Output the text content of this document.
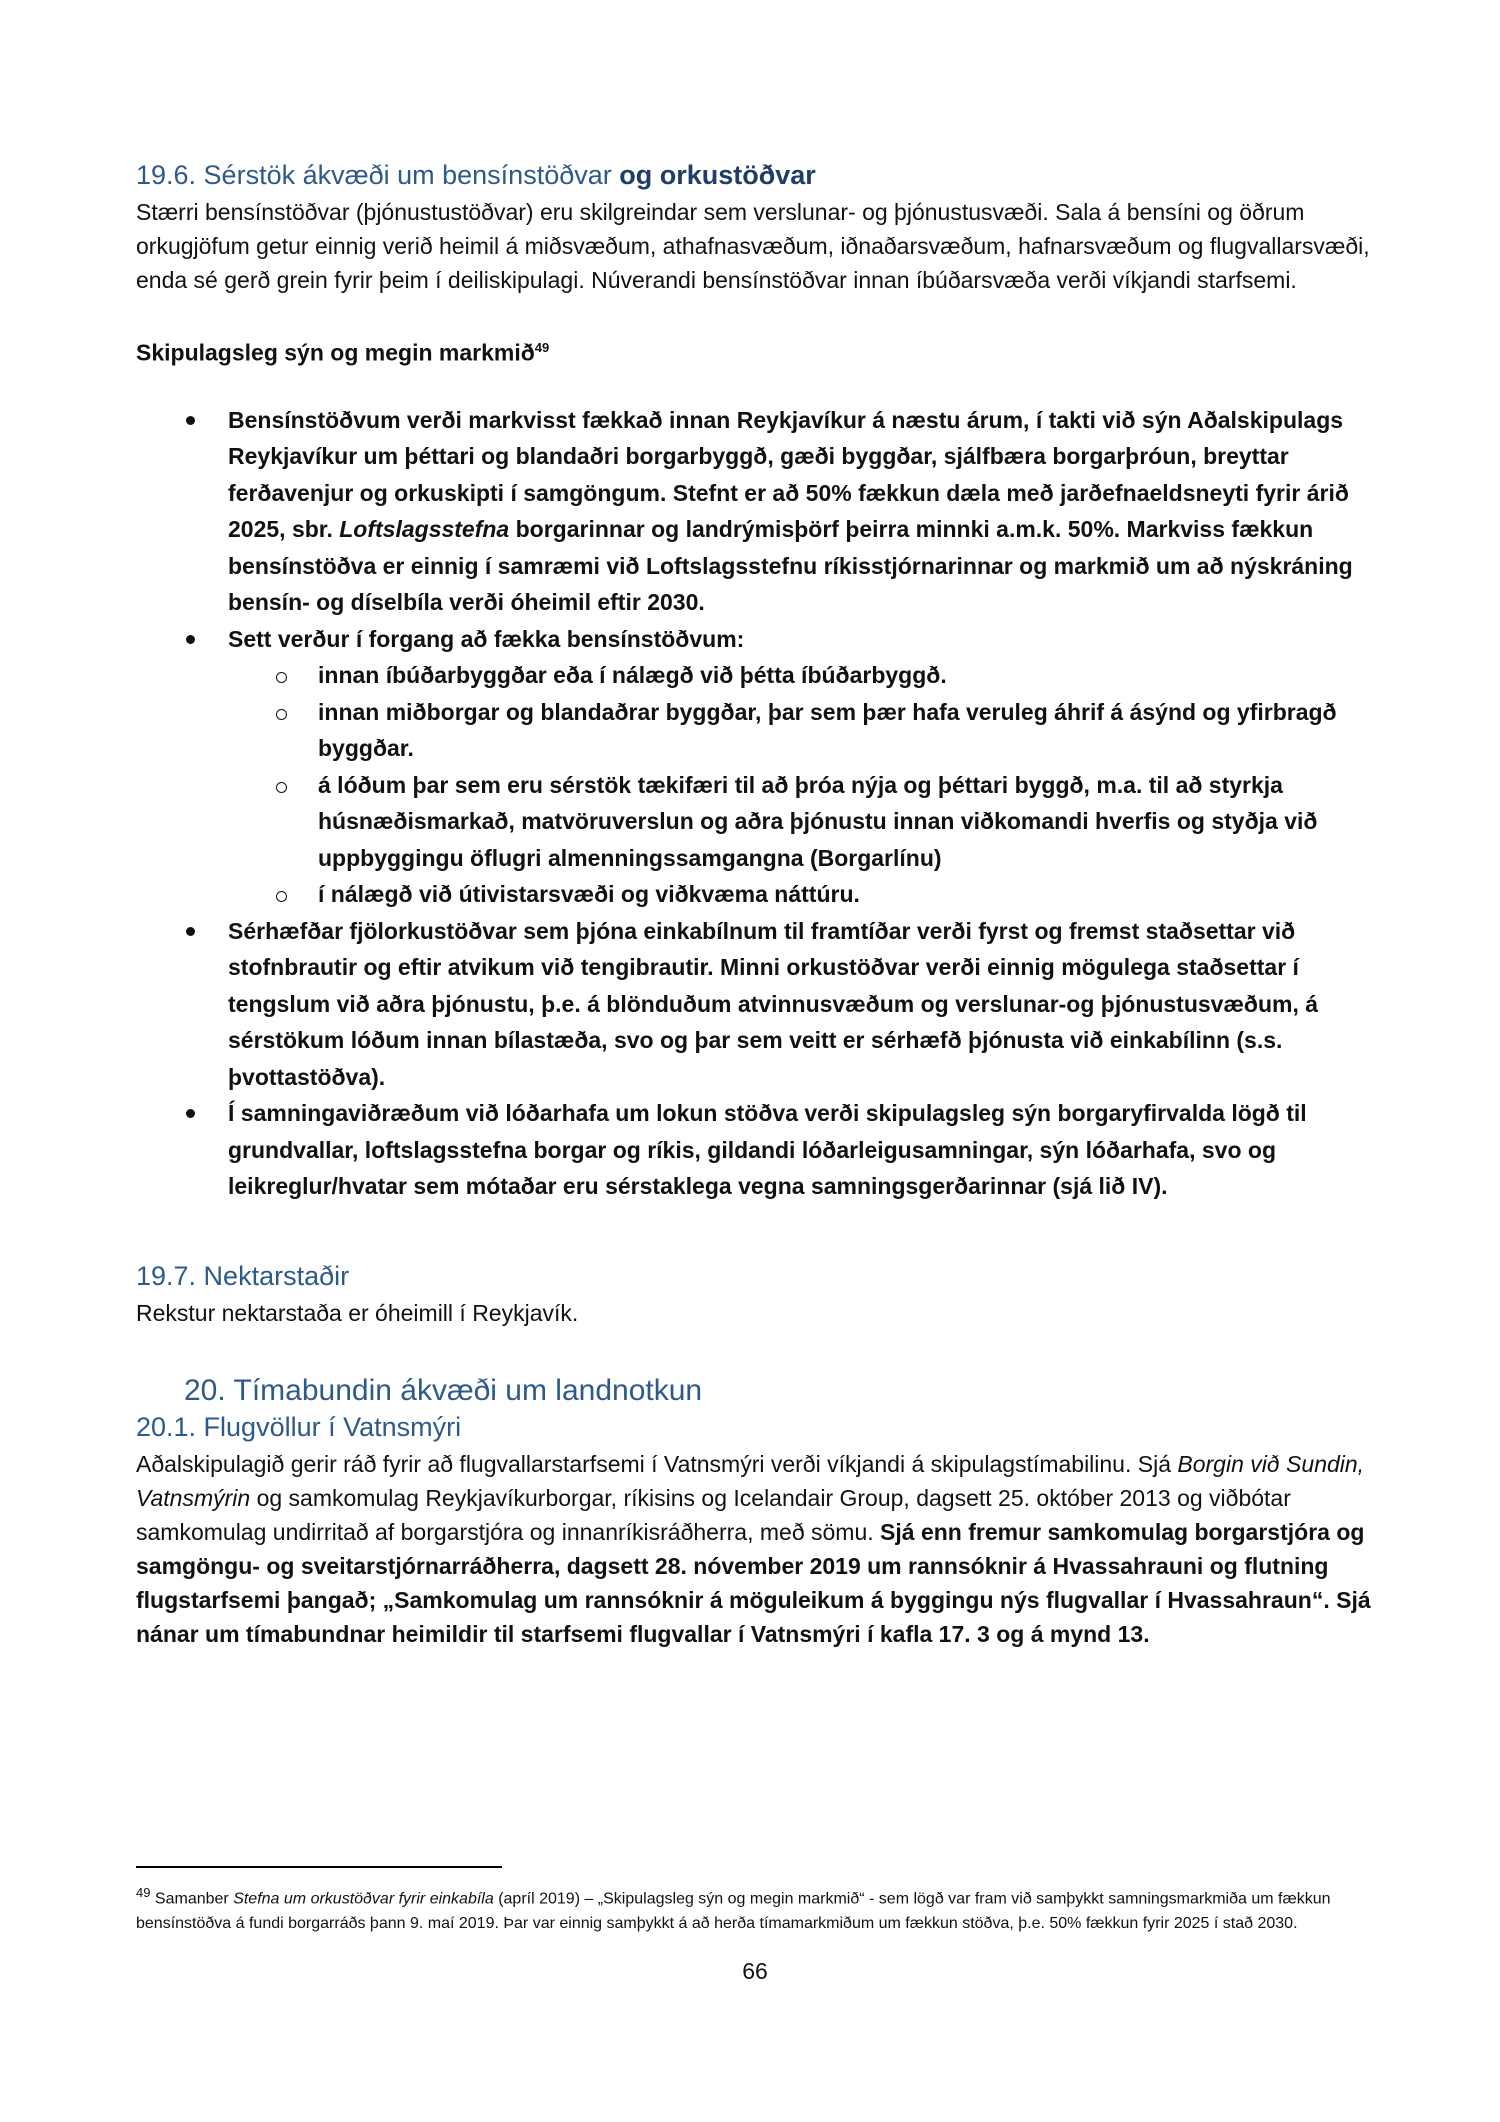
19.6. Sérstök ákvæði um bensínstöðvar og orkustöðvar

Stærri bensínstöðvar (þjónustustöðvar) eru skilgreindar sem verslunar- og þjónustusvæði. Sala á bensíni og öðrum orkugjöfum getur einnig verið heimil á miðsvæðum, athafnasvæðum, iðnaðarsvæðum, hafnarsvæðum og flugvallarsvæði, enda sé gerð grein fyrir þeim í deiliskipulagi. Núverandi bensínstöðvar innan íbúðarsvæða verði víkjandi starfsemi.

Skipulagsleg sýn og megin markmið$^{49}$

Bensínstöðvum verði markvisst fækkað innan Reykjavíkur á næstu árum, í takti við sýn Aðalskipulags Reykjavíkur um þéttari og blandaðri borgarbyggð, gæði byggðar, sjálfbæra borgarþróun, breyttar ferðavenjur og orkuskipti í samgöngum. Stefnt er að 50% fækkun dæla með jarðefnaeldsneyti fyrir árið 2025, sbr. Loftslagsstefna borgarinnar og landrýmisþörf þeirra minnki a.m.k. 50%. Markviss fækkun bensínstöðva er einnig í samræmi við Loftslagsstefnu ríkisstjórnarinnar og markmið um að nýskráning bensín- og díselbíla verði óheimil eftir 2030.
Sett verður í forgang að fækka bensínstöðvum:
innan íbúðarbyggðar eða í nálægð við þétta íbúðarbyggð.
innan miðborgar og blandaðrar byggðar, þar sem þær hafa veruleg áhrif á ásýnd og yfirbragð byggðar.
á lóðum þar sem eru sérstök tækifæri til að þróa nýja og þéttari byggð, m.a. til að styrkja húsnæðismarkað, matvöruverslun og aðra þjónustu innan viðkomandi hverfis og styðja við uppbyggingu öflugri almenningssamgangna (Borgarlínu)
í nálægð við útivistarsvæði og viðkvæma náttúru.
Sérhæfðar fjölorkustöðvar sem þjóna einkabílnum til framtíðar verði fyrst og fremst staðsettar við stofnbrautir og eftir atvikum við tengibrautir. Minni orkustöðvar verði einnig mögulega staðsettar í tengslum við aðra þjónustu, þ.e. á blönduðum atvinnusvæðum og verslunar-og þjónustusvæðum, á sérstökum lóðum innan bílastæða, svo og þar sem veitt er sérhæfð þjónusta við einkabílinn (s.s. þvottastöðva).
Í samningaviðræðum við lóðarhafa um lokun stöðva verði skipulagsleg sýn borgaryfirvalda lögð til grundvallar, loftslagsstefna borgar og ríkis, gildandi lóðarleigusamningar, sýn lóðarhafa, svo og leikreglur/hvatar sem mótaðar eru sérstaklega vegna samningsgerðarinnar (sjá lið IV).
19.7. Nektarstaðir

Rekstur nektarstaða er óheimill í Reykjavík.

20. Tímabundin ákvæði um landnotkun
20.1. Flugvöllur í Vatnsmýri

Aðalskipulagið gerir ráð fyrir að flugvallarstarfsemi í Vatnsmýri verði víkjandi á skipulagstímabilinu. Sjá Borgin við Sundin, Vatnsmýrin og samkomulag Reykjavíkurborgar, ríkisins og Icelandair Group, dagsett 25. október 2013 og viðbótar samkomulag undirritað af borgarstjóra og innanríkisráðherra, með sömu. Sjá enn fremur samkomulag borgarstjóra og samgöngu- og sveitarstjórnarráðherra, dagsett 28. nóvember 2019 um rannsóknir á Hvassahrauni og flutning flugstarfsemi þangað; „Samkomulag um rannsóknir á möguleikum á byggingu nýs flugvallar í Hvassahraun“. Sjá nánar um tímabundnar heimildir til starfsemi flugvallar í Vatnsmýri í kafla 17. 3 og á mynd 13.

$^{49}$ Samanber Stefna um orkustöðvar fyrir einkabíla (apríl 2019) – „Skipulagsleg sýn og megin markmið“ - sem lögð var fram við samþykkt samningsmarkmiða um fækkun bensínstöðva á fundi borgarráðs þann 9. maí 2019. Þar var einnig samþykkt á að herða tímamarkmiðum um fækkun stöðva, þ.e. 50% fækkun fyrir 2025 í stað 2030.
66
